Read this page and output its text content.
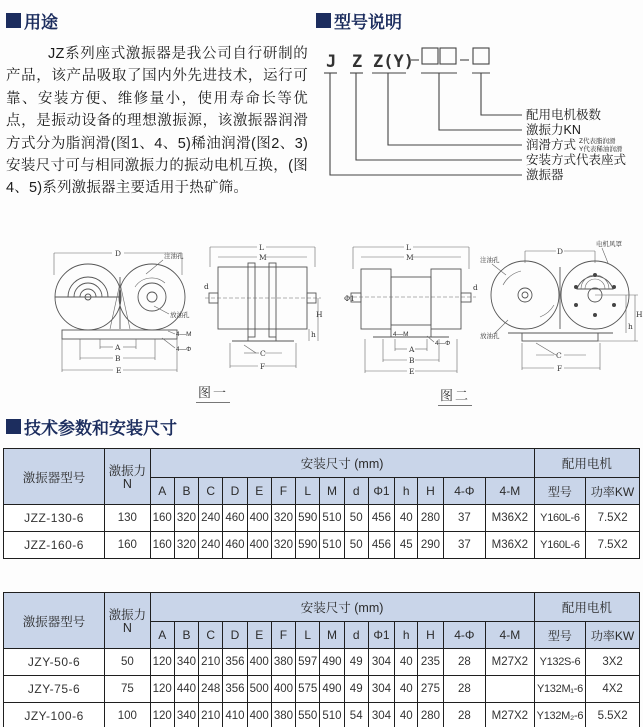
用途

JZ系列座式激振器是我公司自行研制的产品，该产品吸取了国内外先进技术，运行可靠、安装方便、维修量小，使用寿命长等优点，是振动设备的理想激振源，该激振器润滑方式分为脂润滑(图1、4、5)稀油润滑(图2、3)安装尺寸可与相同激振力的振动电机互换，(图4、5)系列激振器主要适用于热矿筛。

型号说明
J Z Z(Y)
配用电机极数
激振力KN
润滑方式 Z代表脂润滑
Y代表稀油润滑
安装方式代表座式
激振器
D	注油孔
放油孔
4—M
4—Φ
A
B
E
L
M
d
h
H
C
F
图一
L
M
4—M
4—Φ
Φ1
d
A
B
E
D
电机风罩
注油孔
放油孔
C
F
h
H
图二
技术参数和安装尺寸
激振器型号	激振力
N	安装尺寸 (mm)														配用电机	
		A	B	C	D	E	F	L	M	d	Φ1	h	H	4-Φ	4-M	型号	功率KW
JZZ-130-6	130	160	320	240	460	400	320	590	510	50	456	40	280	37	M36X2	Y160L-6	7.5X2
JZZ-160-6	160	160	320	240	460	400	320	590	510	50	456	45	290	37	M36X2	Y160L-6	7.5X2
激振器型号	激振力
N	安装尺寸 (mm)														配用电机	
		A	B	C	D	E	F	L	M	d	Φ1	h	H	4-Φ	4-M	型号	功率KW
JZY-50-6	50	120	340	210	356	400	380	597	490	49	304	40	235	28	M27X2	Y132S-6	3X2
JZY-75-6	75	120	440	248	356	500	400	575	490	49	304	40	275	28		Y132M₁-6	4X2
JZY-100-6	100	120	340	210	410	400	380	550	510	54	304	40	280	28	M27X2	Y132M₂-6	5.5X2
